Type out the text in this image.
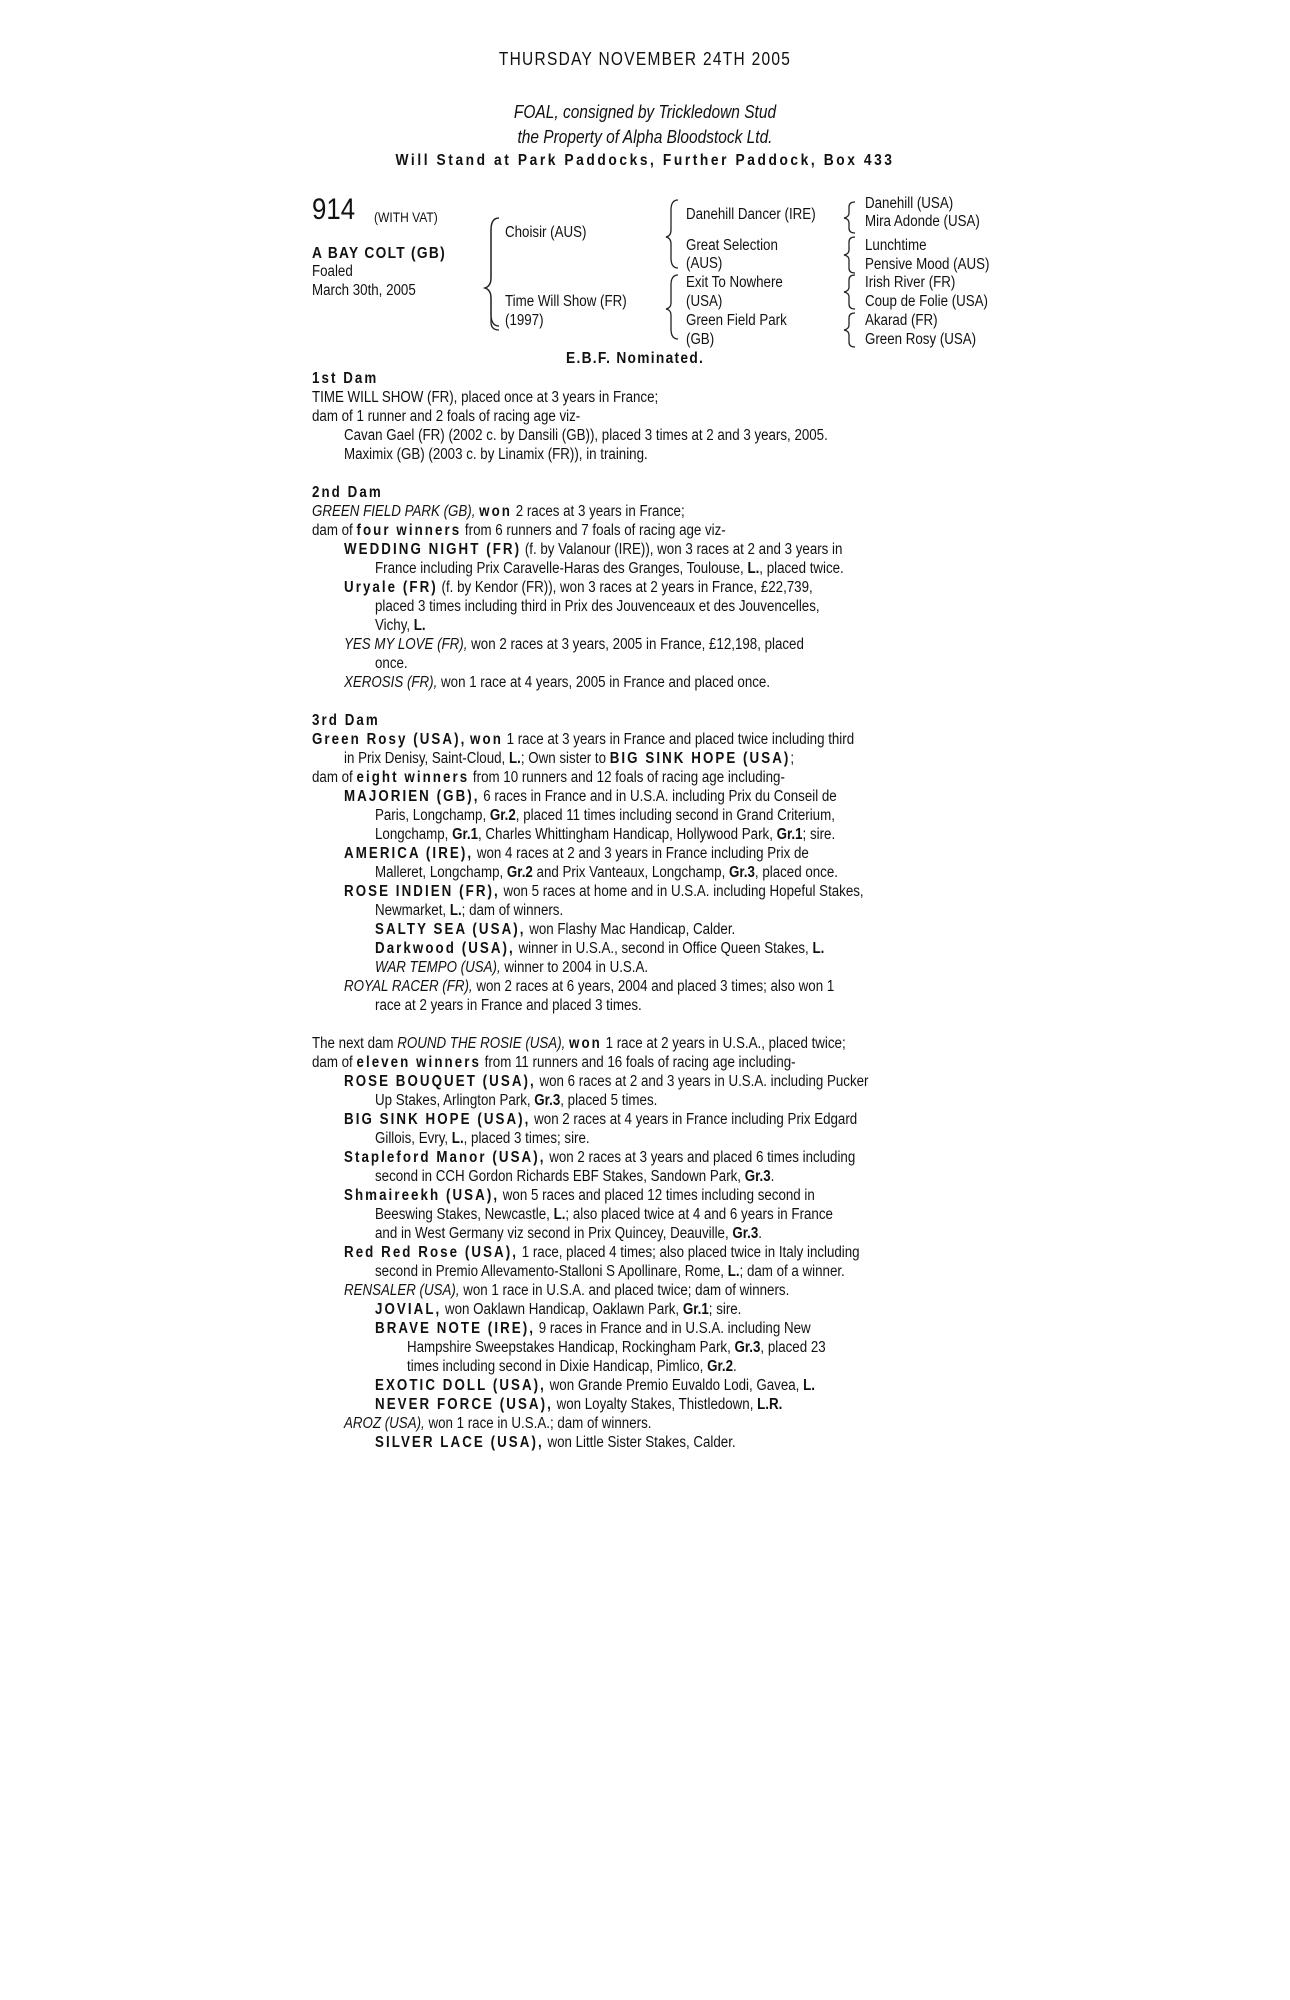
THURSDAY NOVEMBER 24TH 2005
FOAL, consigned by Trickledown Stud
the Property of Alpha Bloodstock Ltd.
Will Stand at Park Paddocks, Further Paddock, Box 433
914 (WITH VAT)
A BAY COLT (GB)
Foaled
March 30th, 2005
Choisir (AUS)
Time Will Show (FR)
(1997)
Danehill Dancer (IRE)
Great Selection
(AUS)
Exit To Nowhere
(USA)
Green Field Park
(GB)
Danehill (USA)
Mira Adonde (USA)
Lunchtime
Pensive Mood (AUS)
Irish River (FR)
Coup de Folie (USA)
Akarad (FR)
Green Rosy (USA)
E.B.F. Nominated.
1st Dam
TIME WILL SHOW (FR), placed once at 3 years in France;
dam of 1 runner and 2 foals of racing age viz-
Cavan Gael (FR) (2002 c. by Dansili (GB)), placed 3 times at 2 and 3 years, 2005.
Maximix (GB) (2003 c. by Linamix (FR)), in training.
2nd Dam
GREEN FIELD PARK (GB), won 2 races at 3 years in France;
dam of four winners from 6 runners and 7 foals of racing age viz-
WEDDING NIGHT (FR) (f. by Valanour (IRE)), won 3 races at 2 and 3 years in
France including Prix Caravelle-Haras des Granges, Toulouse, L., placed twice.
Uryale (FR) (f. by Kendor (FR)), won 3 races at 2 years in France, £22,739,
placed 3 times including third in Prix des Jouvenceaux et des Jouvencelles,
Vichy, L.
YES MY LOVE (FR), won 2 races at 3 years, 2005 in France, £12,198, placed
once.
XEROSIS (FR), won 1 race at 4 years, 2005 in France and placed once.
3rd Dam
Green Rosy (USA), won 1 race at 3 years in France and placed twice including third
in Prix Denisy, Saint-Cloud, L.; Own sister to BIG SINK HOPE (USA);
dam of eight winners from 10 runners and 12 foals of racing age including-
MAJORIEN (GB), 6 races in France and in U.S.A. including Prix du Conseil de
Paris, Longchamp, Gr.2, placed 11 times including second in Grand Criterium,
Longchamp, Gr.1, Charles Whittingham Handicap, Hollywood Park, Gr.1; sire.
AMERICA (IRE), won 4 races at 2 and 3 years in France including Prix de
Malleret, Longchamp, Gr.2 and Prix Vanteaux, Longchamp, Gr.3, placed once.
ROSE INDIEN (FR), won 5 races at home and in U.S.A. including Hopeful Stakes,
Newmarket, L.; dam of winners.
SALTY SEA (USA), won Flashy Mac Handicap, Calder.
Darkwood (USA), winner in U.S.A., second in Office Queen Stakes, L.
WAR TEMPO (USA), winner to 2004 in U.S.A.
ROYAL RACER (FR), won 2 races at 6 years, 2004 and placed 3 times; also won 1
race at 2 years in France and placed 3 times.
The next dam ROUND THE ROSIE (USA), won 1 race at 2 years in U.S.A., placed twice;
dam of eleven winners from 11 runners and 16 foals of racing age including-
ROSE BOUQUET (USA), won 6 races at 2 and 3 years in U.S.A. including Pucker
Up Stakes, Arlington Park, Gr.3, placed 5 times.
BIG SINK HOPE (USA), won 2 races at 4 years in France including Prix Edgard
Gillois, Evry, L., placed 3 times; sire.
Stapleford Manor (USA), won 2 races at 3 years and placed 6 times including
second in CCH Gordon Richards EBF Stakes, Sandown Park, Gr.3.
Shmaireekh (USA), won 5 races and placed 12 times including second in
Beeswing Stakes, Newcastle, L.; also placed twice at 4 and 6 years in France
and in West Germany viz second in Prix Quincey, Deauville, Gr.3.
Red Red Rose (USA), 1 race, placed 4 times; also placed twice in Italy including
second in Premio Allevamento-Stalloni S Apollinare, Rome, L.; dam of a winner.
RENSALER (USA), won 1 race in U.S.A. and placed twice; dam of winners.
JOVIAL, won Oaklawn Handicap, Oaklawn Park, Gr.1; sire.
BRAVE NOTE (IRE), 9 races in France and in U.S.A. including New
Hampshire Sweepstakes Handicap, Rockingham Park, Gr.3, placed 23
times including second in Dixie Handicap, Pimlico, Gr.2.
EXOTIC DOLL (USA), won Grande Premio Euvaldo Lodi, Gavea, L.
NEVER FORCE (USA), won Loyalty Stakes, Thistledown, L.R.
AROZ (USA), won 1 race in U.S.A.; dam of winners.
SILVER LACE (USA), won Little Sister Stakes, Calder.
